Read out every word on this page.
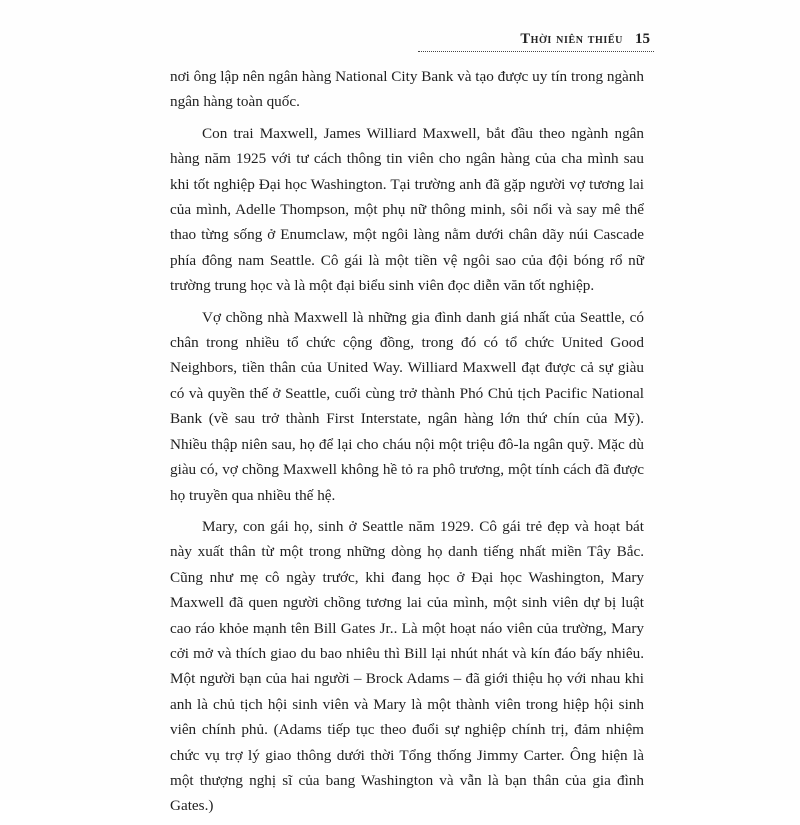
Thời niên thiếu 15

nơi ông lập nên ngân hàng National City Bank và tạo được uy tín trong ngành ngân hàng toàn quốc.

Con trai Maxwell, James Williard Maxwell, bắt đầu theo ngành ngân hàng năm 1925 với tư cách thông tin viên cho ngân hàng của cha mình sau khi tốt nghiệp Đại học Washington. Tại trường anh đã gặp người vợ tương lai của mình, Adelle Thompson, một phụ nữ thông minh, sôi nổi và say mê thể thao từng sống ở Enumclaw, một ngôi làng nằm dưới chân dãy núi Cascade phía đông nam Seattle. Cô gái là một tiền vệ ngôi sao của đội bóng rổ nữ trường trung học và là một đại biểu sinh viên đọc diễn văn tốt nghiệp.

Vợ chồng nhà Maxwell là những gia đình danh giá nhất của Seattle, có chân trong nhiều tổ chức cộng đồng, trong đó có tổ chức United Good Neighbors, tiền thân của United Way. Williard Maxwell đạt được cả sự giàu có và quyền thế ở Seattle, cuối cùng trở thành Phó Chủ tịch Pacific National Bank (về sau trở thành First Interstate, ngân hàng lớn thứ chín của Mỹ). Nhiều thập niên sau, họ để lại cho cháu nội một triệu đô-la ngân quỹ. Mặc dù giàu có, vợ chồng Maxwell không hề tỏ ra phô trương, một tính cách đã được họ truyền qua nhiều thế hệ.

Mary, con gái họ, sinh ở Seattle năm 1929. Cô gái trẻ đẹp và hoạt bát này xuất thân từ một trong những dòng họ danh tiếng nhất miền Tây Bắc. Cũng như mẹ cô ngày trước, khi đang học ở Đại học Washington, Mary Maxwell đã quen người chồng tương lai của mình, một sinh viên dự bị luật cao ráo khỏe mạnh tên Bill Gates Jr.. Là một hoạt náo viên của trường, Mary cởi mở và thích giao du bao nhiêu thì Bill lại nhút nhát và kín đáo bấy nhiêu. Một người bạn của hai người – Brock Adams – đã giới thiệu họ với nhau khi anh là chủ tịch hội sinh viên và Mary là một thành viên trong hiệp hội sinh viên chính phủ. (Adams tiếp tục theo đuổi sự nghiệp chính trị, đảm nhiệm chức vụ trợ lý giao thông dưới thời Tổng thống Jimmy Carter. Ông hiện là một thượng nghị sĩ của bang Washington và vẫn là bạn thân của gia đình Gates.)
